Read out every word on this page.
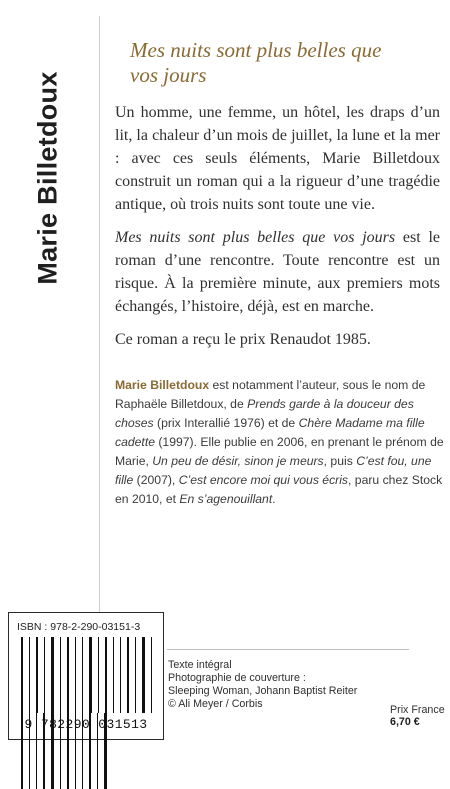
Marie Billetdoux
Mes nuits sont plus belles que vos jours

Un homme, une femme, un hôtel, les draps d’un lit, la chaleur d’un mois de juillet, la lune et la mer : avec ces seuls éléments, Marie Billetdoux construit un roman qui a la rigueur d’une tragédie antique, où trois nuits sont toute une vie.

Mes nuits sont plus belles que vos jours est le roman d’une rencontre. Toute rencontre est un risque. À la première minute, aux premiers mots échangés, l’histoire, déjà, est en marche.

Ce roman a reçu le prix Renaudot 1985.

Marie Billetdoux est notamment l’auteur, sous le nom de Raphaële Billetdoux, de Prends garde à la douceur des choses (prix Interallié 1976) et de Chère Madame ma fille cadette (1997). Elle publie en 2006, en prenant le prénom de Marie, Un peu de désir, sinon je meurs, puis C’est fou, une fille (2007), C’est encore moi qui vous écris, paru chez Stock en 2010, et En s’agenouillant.
ISBN : 978-2-290-03151-3

9 782290 031513
Texte intégral
Photographie de couverture :
Sleeping Woman, Johann Baptist Reiter
© Ali Meyer / Corbis	Prix France
6,70 €
